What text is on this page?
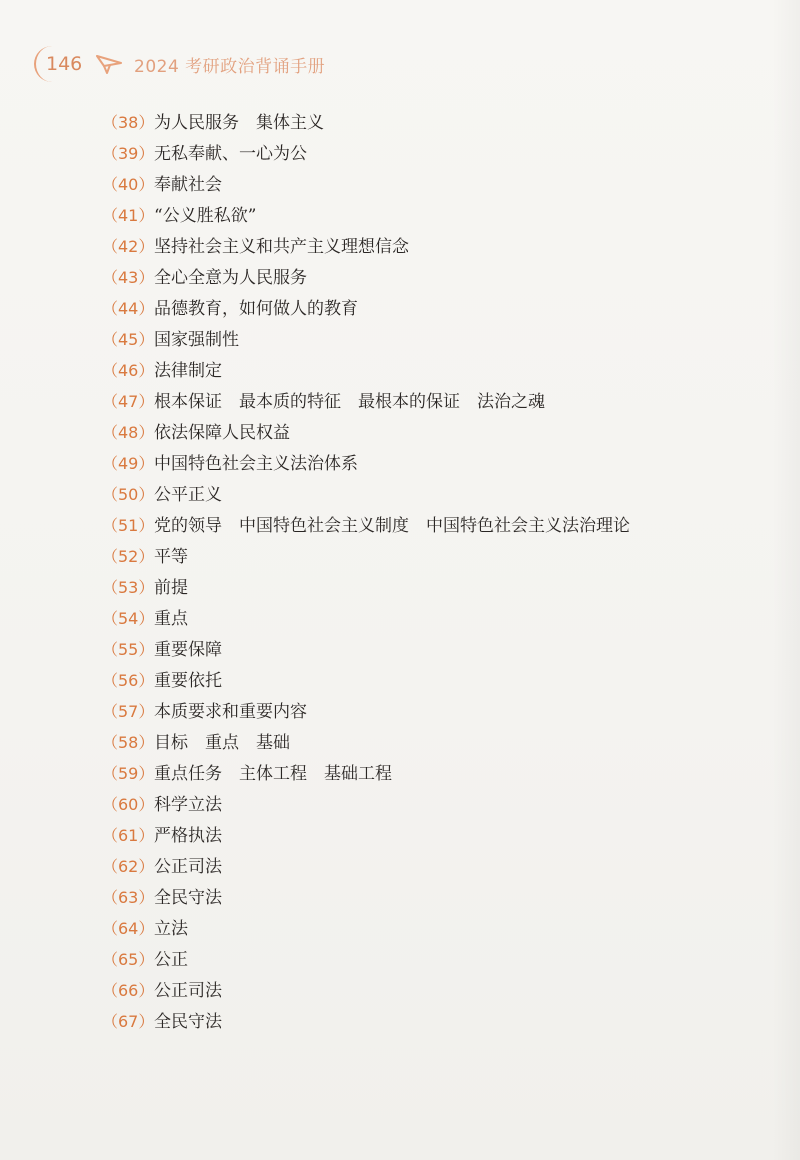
146	2024 考研政治背诵手册
（38）为人民服务　集体主义
（39）无私奉献、一心为公
（40）奉献社会
（41）“公义胜私欲”
（42）坚持社会主义和共产主义理想信念
（43）全心全意为人民服务
（44）品德教育，如何做人的教育
（45）国家强制性
（46）法律制定
（47）根本保证　最本质的特征　最根本的保证　法治之魂
（48）依法保障人民权益
（49）中国特色社会主义法治体系
（50）公平正义
（51）党的领导　中国特色社会主义制度　中国特色社会主义法治理论
（52）平等
（53）前提
（54）重点
（55）重要保障
（56）重要依托
（57）本质要求和重要内容
（58）目标　重点　基础
（59）重点任务　主体工程　基础工程
（60）科学立法
（61）严格执法
（62）公正司法
（63）全民守法
（64）立法
（65）公正
（66）公正司法
（67）全民守法
